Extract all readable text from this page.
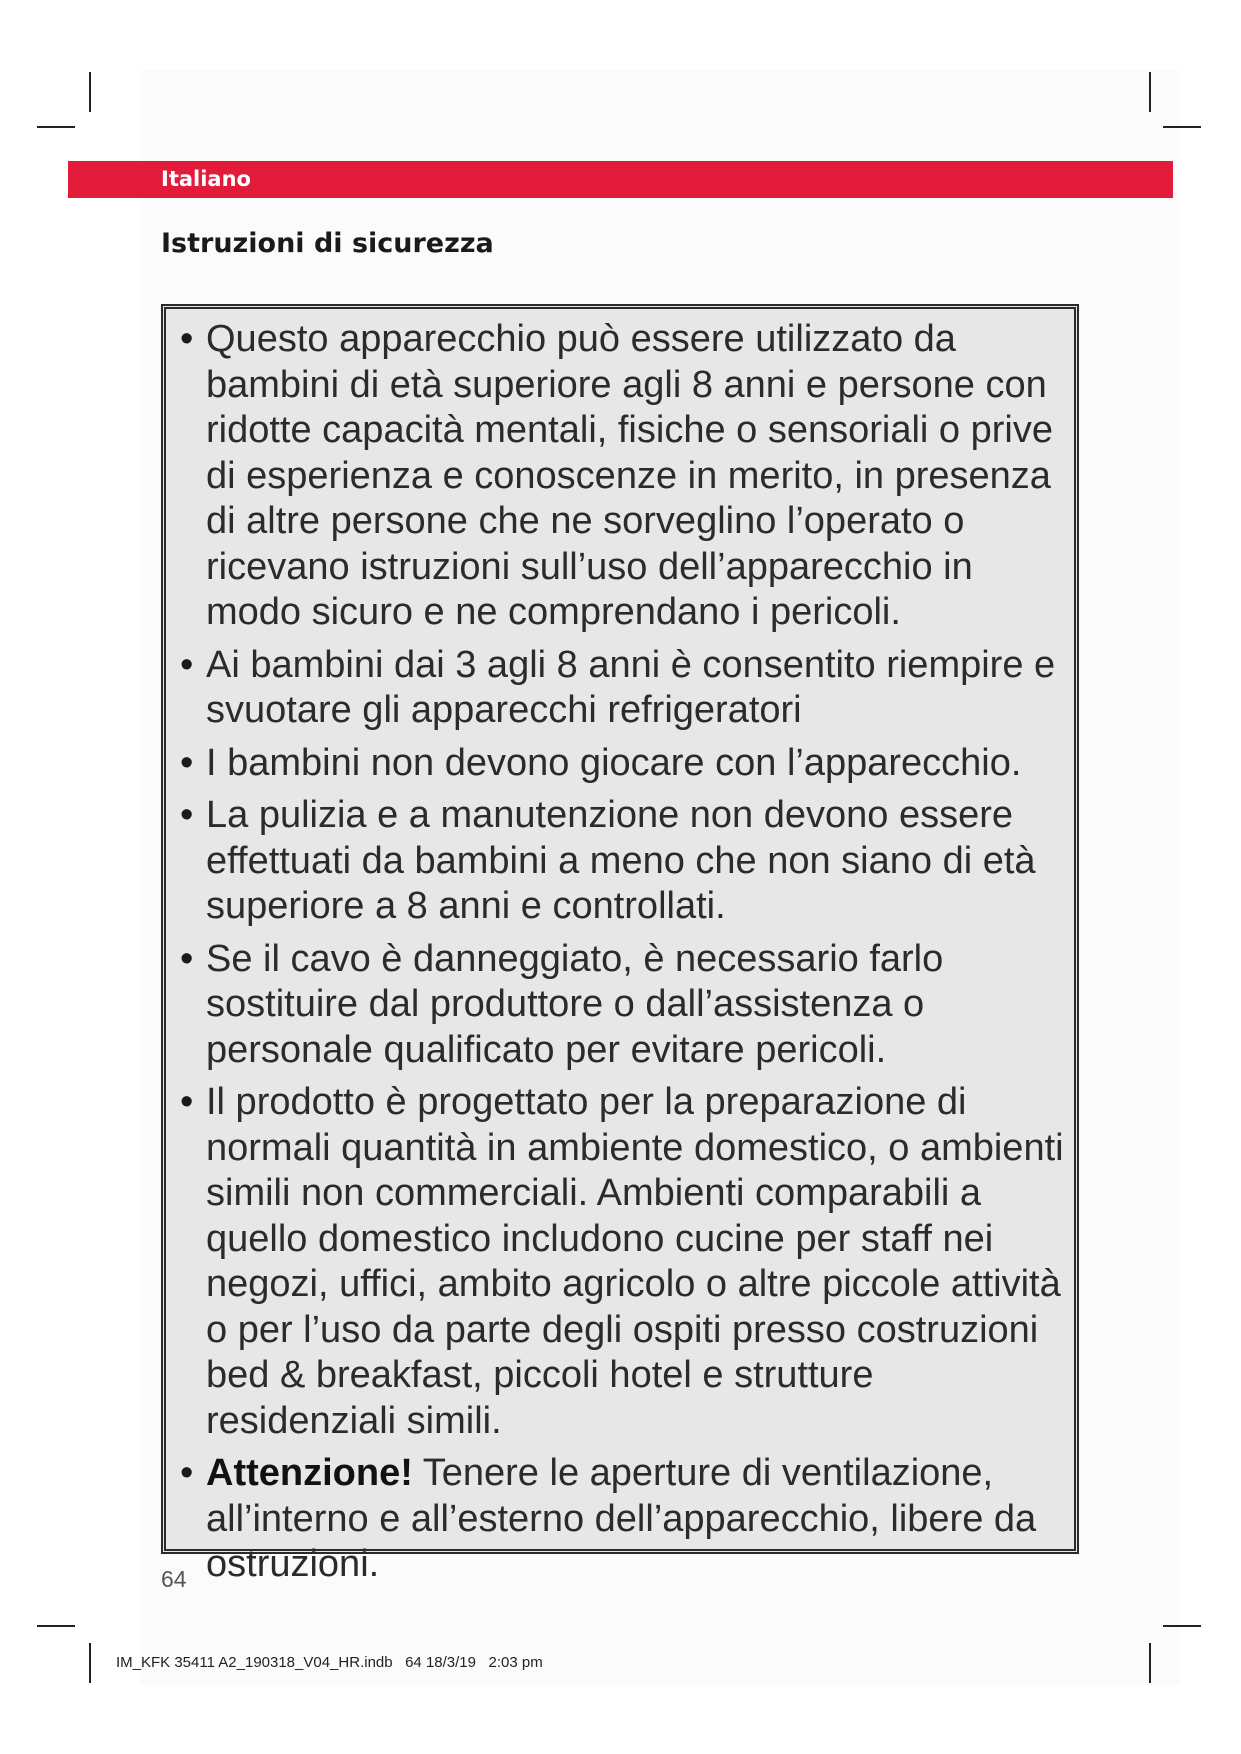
Italiano
Istruzioni di sicurezza
• Questo apparecchio può essere utilizzato da bambini di età superiore agli 8 anni e persone con ridotte capacità mentali, fisiche o sensoriali o prive di esperienza e conoscenze in merito, in presenza di altre persone che ne sorveglino l’operato o ricevano istruzioni sull’uso dell’apparecchio in modo sicuro e ne comprendano i pericoli.
• Ai bambini dai 3 agli 8 anni è consentito riempire e svuotare gli apparecchi refrigeratori
• I bambini non devono giocare con l’apparecchio.
• La pulizia e a manutenzione non devono essere effettuati da bambini a meno che non siano di età superiore a 8 anni e controllati.
• Se il cavo è danneggiato, è necessario farlo sostituire dal produttore o dall’assistenza o personale qualificato per evitare pericoli.
• Il prodotto è progettato per la preparazione di normali quantità in ambiente domestico, o ambienti simili non commerciali. Ambienti comparabili a quello domestico includono cucine per staff nei negozi, uffici, ambito agricolo o altre piccole attività o per l’uso da parte degli ospiti presso costruzioni bed & breakfast, piccoli hotel e strutture residenziali simili.
• Attenzione! Tenere le aperture di ventilazione, all’interno e all’esterno dell’apparecchio, libere da ostruzioni.
64
IM_KFK 35411 A2_190318_V04_HR.indb   64 18/3/19   2:03 pm
